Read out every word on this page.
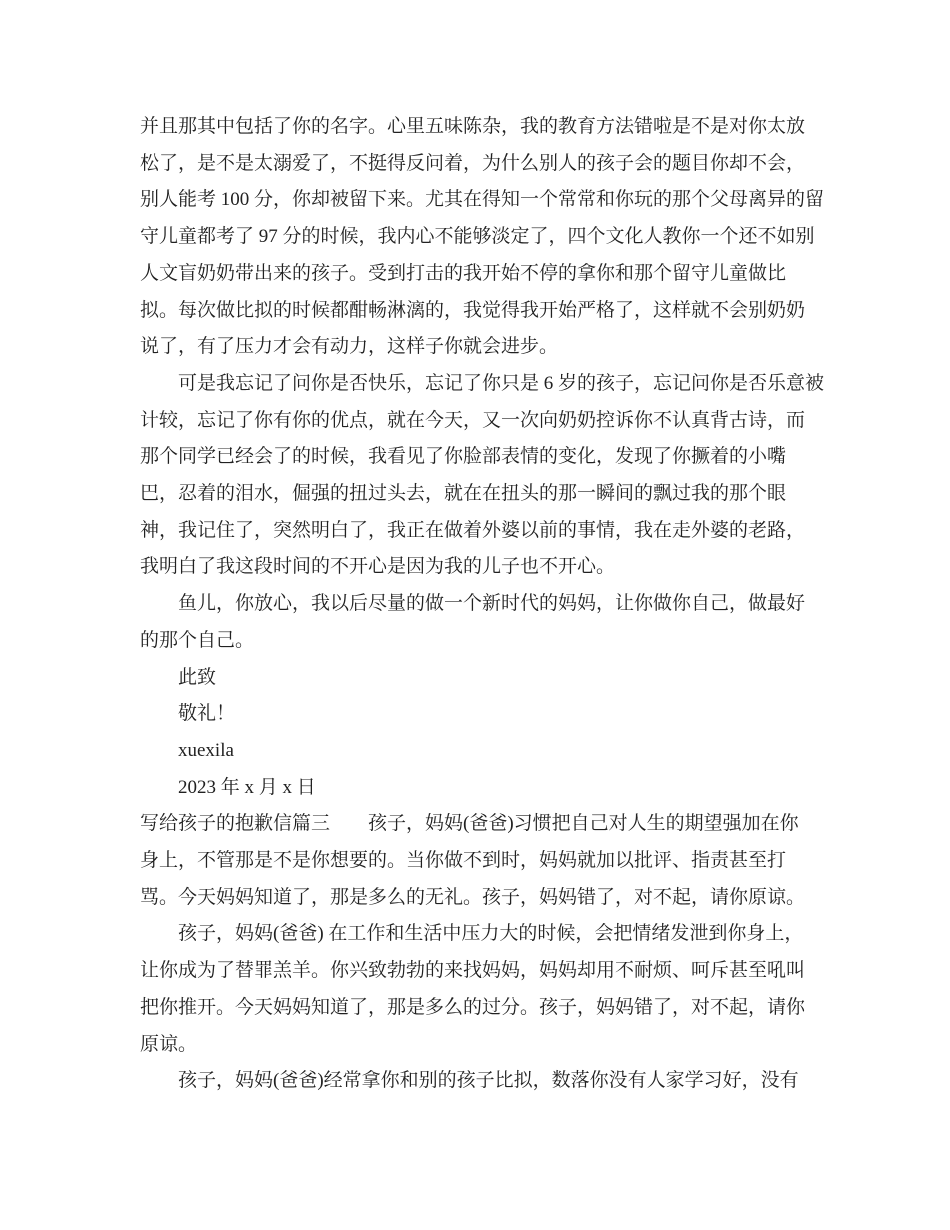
并且那其中包括了你的名字。心里五味陈杂，我的教育方法错啦是不是对你太放
松了，是不是太溺爱了，不挺得反问着，为什么别人的孩子会的题目你却不会，
别人能考 100 分，你却被留下来。尤其在得知一个常常和你玩的那个父母离异的留
守儿童都考了 97 分的时候，我内心不能够淡定了，四个文化人教你一个还不如别
人文盲奶奶带出来的孩子。受到打击的我开始不停的拿你和那个留守儿童做比
拟。每次做比拟的时候都酣畅淋漓的，我觉得我开始严格了，这样就不会别奶奶
说了，有了压力才会有动力，这样子你就会进步。
可是我忘记了问你是否快乐，忘记了你只是 6 岁的孩子，忘记问你是否乐意被
计较，忘记了你有你的优点，就在今天，又一次向奶奶控诉你不认真背古诗，而
那个同学已经会了的时候，我看见了你脸部表情的变化，发现了你撅着的小嘴
巴，忍着的泪水，倔强的扭过头去，就在在扭头的那一瞬间的飘过我的那个眼
神，我记住了，突然明白了，我正在做着外婆以前的事情，我在走外婆的老路，
我明白了我这段时间的不开心是因为我的儿子也不开心。
鱼儿，你放心，我以后尽量的做一个新时代的妈妈，让你做你自己，做最好
的那个自己。
此致
敬礼！
xuexila
2023 年 x 月 x 日
写给孩子的抱歉信篇三　　孩子，妈妈(爸爸)习惯把自己对人生的期望强加在你
身上，不管那是不是你想要的。当你做不到时，妈妈就加以批评、指责甚至打
骂。今天妈妈知道了，那是多么的无礼。孩子，妈妈错了，对不起，请你原谅。
孩子，妈妈(爸爸) 在工作和生活中压力大的时候，会把情绪发泄到你身上，
让你成为了替罪羔羊。你兴致勃勃的来找妈妈，妈妈却用不耐烦、呵斥甚至吼叫
把你推开。今天妈妈知道了，那是多么的过分。孩子，妈妈错了，对不起，请你
原谅。
孩子，妈妈(爸爸)经常拿你和别的孩子比拟，数落你没有人家学习好，没有
